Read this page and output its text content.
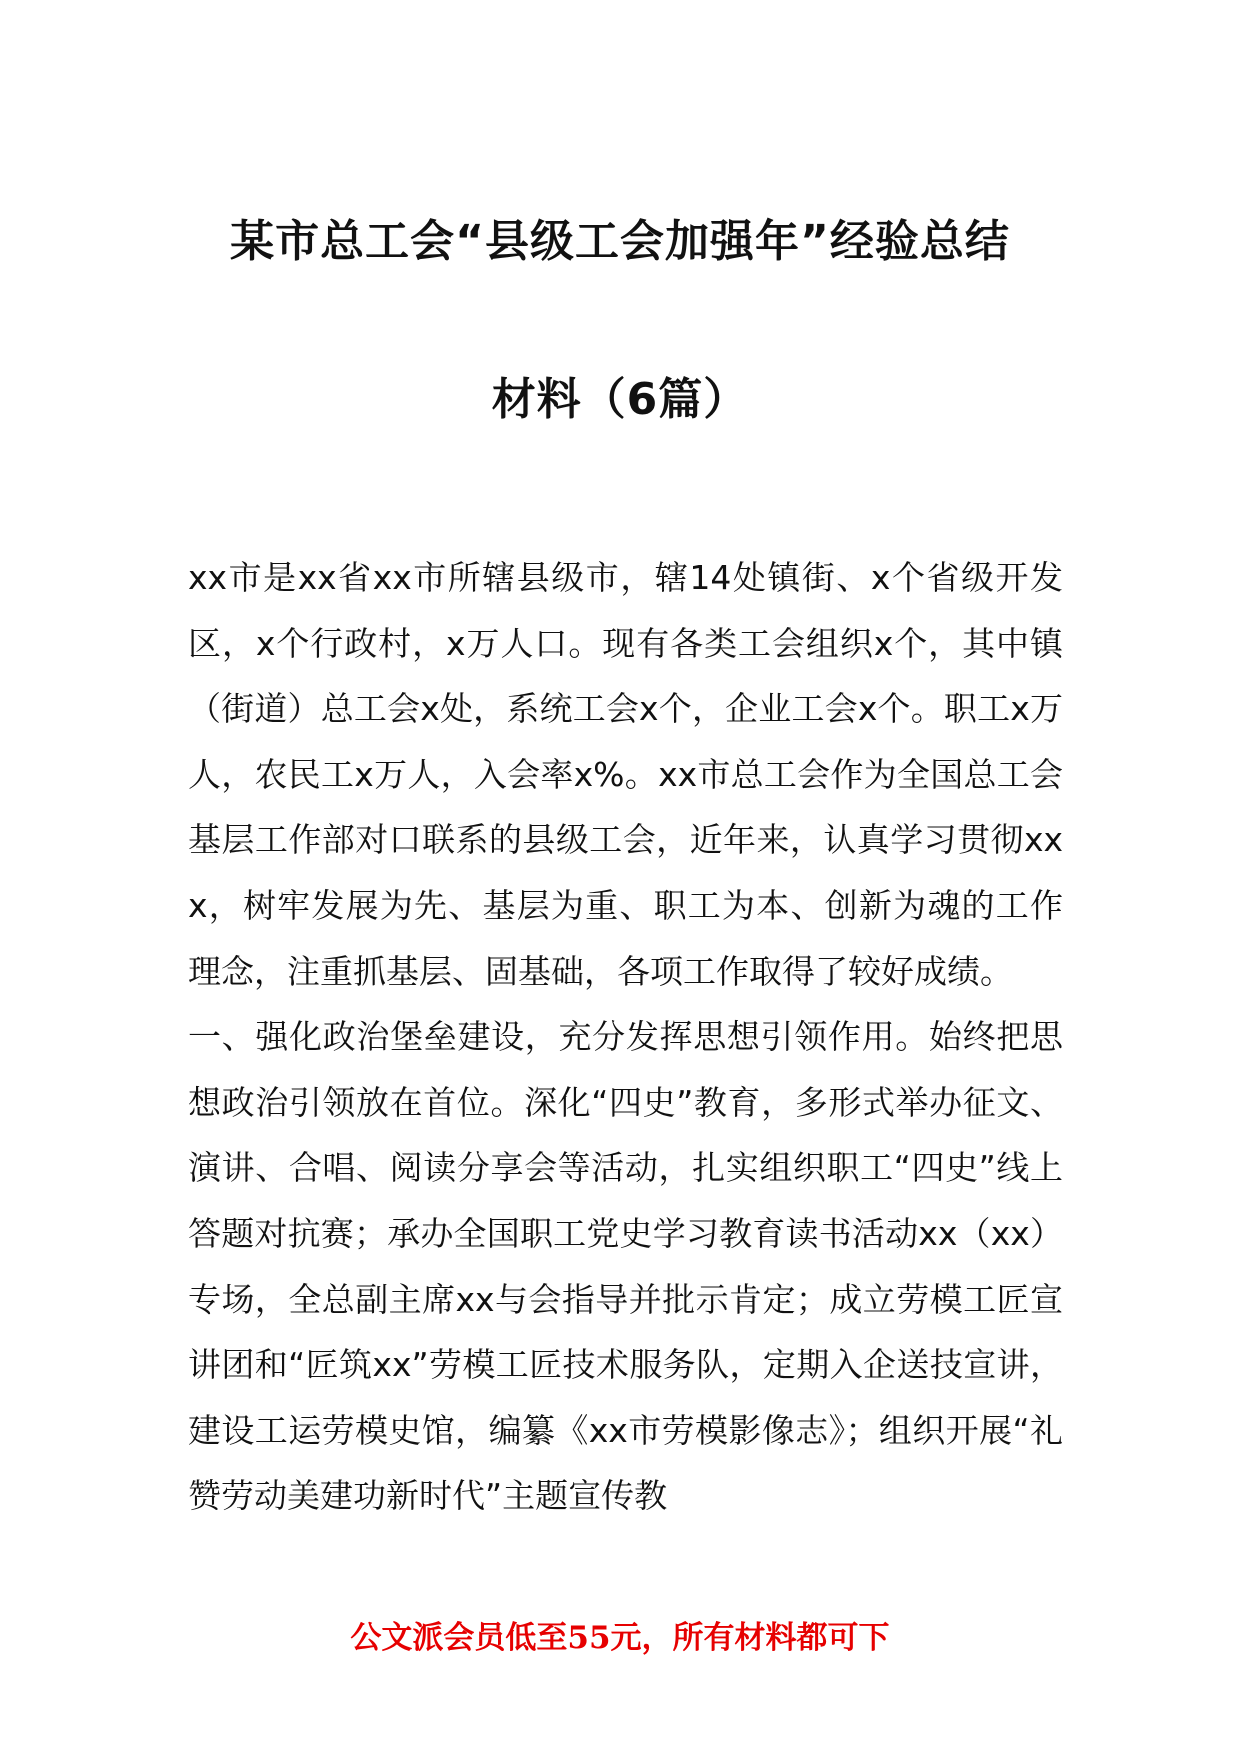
某市总工会“县级工会加强年”经验总结
材料（6篇）

xx市是xx省xx市所辖县级市，辖14处镇街、x个省级开发区，x个行政村，x万人口。现有各类工会组织x个，其中镇（街道）总工会x处，系统工会x个，企业工会x个。职工x万人，农民工x万人，入会率x%。xx市总工会作为全国总工会基层工作部对口联系的县级工会，近年来，认真学习贯彻xxx，树牢发展为先、基层为重、职工为本、创新为魂的工作理念，注重抓基层、固基础，各项工作取得了较好成绩。

一、强化政治堡垒建设，充分发挥思想引领作用。始终把思想政治引领放在首位。深化“四史”教育，多形式举办征文、演讲、合唱、阅读分享会等活动，扎实组织职工“四史”线上答题对抗赛；承办全国职工党史学习教育读书活动xx（xx）专场，全总副主席xx与会指导并批示肯定；成立劳模工匠宣讲团和“匠筑xx”劳模工匠技术服务队，定期入企送技宣讲，建设工运劳模史馆，编纂《xx市劳模影像志》；组织开展“礼赞劳动美建功新时代”主题宣传教

公文派会员低至55元，所有材料都可下
